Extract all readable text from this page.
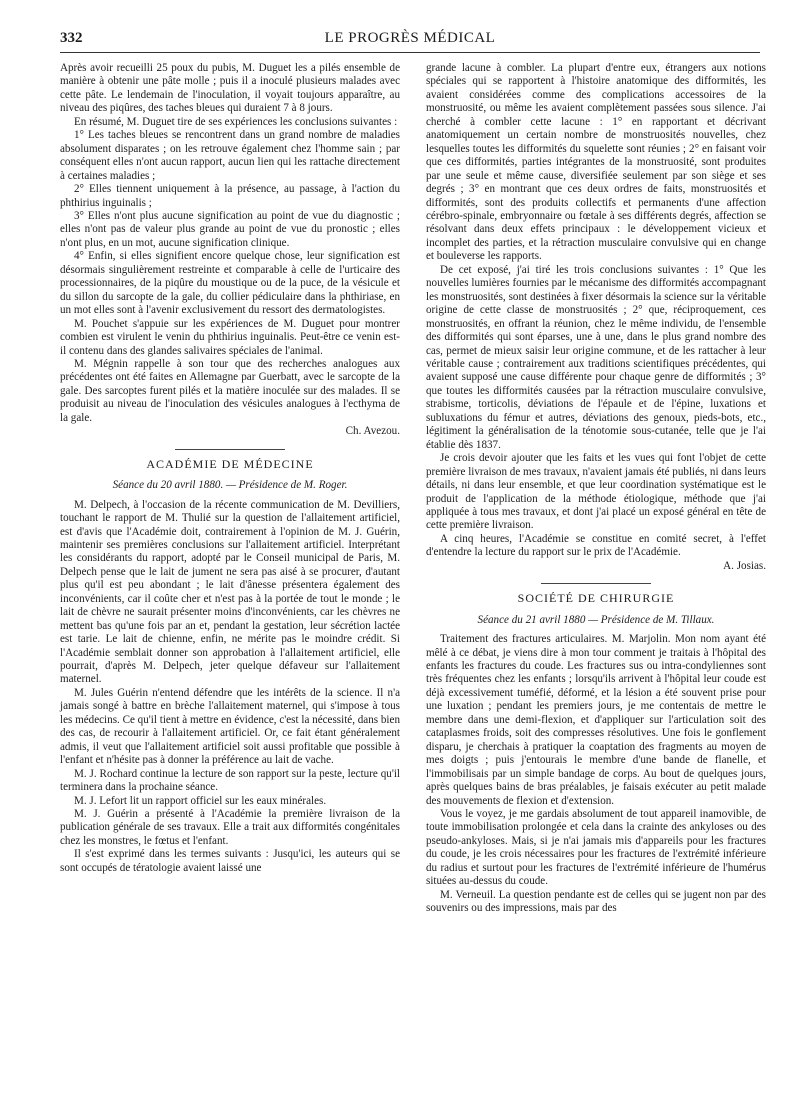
332	LE PROGRÈS MÉDICAL

Après avoir recueilli 25 poux du pubis, M. Duguet les a pilés ensemble de manière à obtenir une pâte molle ; puis il a inoculé plusieurs malades avec cette pâte. Le lendemain de l'inoculation, il voyait toujours apparaître, au niveau des piqûres, des taches bleues qui duraient 7 à 8 jours.

En résumé, M. Duguet tire de ses expériences les conclusions suivantes :

1° Les taches bleues se rencontrent dans un grand nombre de maladies absolument disparates ; on les retrouve également chez l'homme sain ; par conséquent elles n'ont aucun rapport, aucun lien qui les rattache directement à certaines maladies ;

2° Elles tiennent uniquement à la présence, au passage, à l'action du phthirius inguinalis ;

3° Elles n'ont plus aucune signification au point de vue du diagnostic ; elles n'ont pas de valeur plus grande au point de vue du pronostic ; elles n'ont plus, en un mot, aucune signification clinique.

4° Enfin, si elles signifient encore quelque chose, leur signification est désormais singulièrement restreinte et comparable à celle de l'urticaire des processionnaires, de la piqûre du moustique ou de la puce, de la vésicule et du sillon du sarcopte de la gale, du collier pédiculaire dans la phthiriase, en un mot elles sont à l'avenir exclusivement du ressort des dermatologistes.

M. Pouchet s'appuie sur les expériences de M. Duguet pour montrer combien est virulent le venin du phthirius inguinalis. Peut-être ce venin est-il contenu dans des glandes salivaires spéciales de l'animal.

M. Mégnin rappelle à son tour que des recherches analogues aux précédentes ont été faites en Allemagne par Guerbatt, avec le sarcopte de la gale. Des sarcoptes furent pilés et la matière inoculée sur des malades. Il se produisit au niveau de l'inoculation des vésicules analogues à l'ecthyma de la gale.

Ch. Avezou.

ACADÉMIE DE MÉDECINE
Séance du 20 avril 1880. — Présidence de M. Roger.

M. Delpech, à l'occasion de la récente communication de M. Devilliers, touchant le rapport de M. Thulié sur la question de l'allaitement artificiel, est d'avis que l'Académie doit, contrairement à l'opinion de M. J. Guérin, maintenir ses premières conclusions sur l'allaitement artificiel. Interprétant les considérants du rapport, adopté par le Conseil municipal de Paris, M. Delpech pense que le lait de jument ne sera pas aisé à se procurer, d'autant plus qu'il est peu abondant ; le lait d'ânesse présentera également des inconvénients, car il coûte cher et n'est pas à la portée de tout le monde ; le lait de chèvre ne saurait présenter moins d'inconvénients, car les chèvres ne mettent bas qu'une fois par an et, pendant la gestation, leur sécrétion lactée est tarie. Le lait de chienne, enfin, ne mérite pas le moindre crédit. Si l'Académie semblait donner son approbation à l'allaitement artificiel, elle pourrait, d'après M. Delpech, jeter quelque défaveur sur l'allaitement maternel.

M. Jules Guérin n'entend défendre que les intérêts de la science. Il n'a jamais songé à battre en brèche l'allaitement maternel, qui s'impose à tous les médecins. Ce qu'il tient à mettre en évidence, c'est la nécessité, dans bien des cas, de recourir à l'allaitement artificiel. Or, ce fait étant généralement admis, il veut que l'allaitement artificiel soit aussi profitable que possible à l'enfant et n'hésite pas à donner la préférence au lait de vache.

M. J. Rochard continue la lecture de son rapport sur la peste, lecture qu'il terminera dans la prochaine séance.

M. J. Lefort lit un rapport officiel sur les eaux minérales.

M. J. Guérin a présenté à l'Académie la première livraison de la publication générale de ses travaux. Elle a trait aux difformités congénitales chez les monstres, le fœtus et l'enfant.

Il s'est exprimé dans les termes suivants : Jusqu'ici, les auteurs qui se sont occupés de tératologie avaient laissé une

grande lacune à combler. La plupart d'entre eux, étrangers aux notions spéciales qui se rapportent à l'histoire anatomique des difformités, les avaient considérées comme des complications accessoires de la monstruosité, ou même les avaient complètement passées sous silence. J'ai cherché à combler cette lacune : 1° en rapportant et décrivant anatomiquement un certain nombre de monstruosités nouvelles, chez lesquelles toutes les difformités du squelette sont réunies ; 2° en faisant voir que ces difformités, parties intégrantes de la monstruosité, sont produites par une seule et même cause, diversifiée seulement par son siège et ses degrés ; 3° en montrant que ces deux ordres de faits, monstruosités et difformités, sont des produits collectifs et permanents d'une affection cérébro-spinale, embryonnaire ou fœtale à ses différents degrés, affection se résolvant dans deux effets principaux : le développement vicieux et incomplet des parties, et la rétraction musculaire convulsive qui en change et bouleverse les rapports.

De cet exposé, j'ai tiré les trois conclusions suivantes : 1° Que les nouvelles lumières fournies par le mécanisme des difformités accompagnant les monstruosités, sont destinées à fixer désormais la science sur la véritable origine de cette classe de monstruosités ; 2° que, réciproquement, ces monstruosités, en offrant la réunion, chez le même individu, de l'ensemble des difformités qui sont éparses, une à une, dans le plus grand nombre des cas, permet de mieux saisir leur origine commune, et de les rattacher à leur véritable cause ; contrairement aux traditions scientifiques précédentes, qui avaient supposé une cause différente pour chaque genre de difformités ; 3° que toutes les difformités causées par la rétraction musculaire convulsive, strabisme, torticolis, déviations de l'épaule et de l'épine, luxations et subluxations du fémur et autres, déviations des genoux, pieds-bots, etc., légitiment la généralisation de la ténotomie sous-cutanée, telle que je l'ai établie dès 1837.

Je crois devoir ajouter que les faits et les vues qui font l'objet de cette première livraison de mes travaux, n'avaient jamais été publiés, ni dans leurs détails, ni dans leur ensemble, et que leur coordination systématique est le produit de l'application de la méthode étiologique, méthode que j'ai appliquée à tous mes travaux, et dont j'ai placé un exposé général en tête de cette première livraison.

A cinq heures, l'Académie se constitue en comité secret, à l'effet d'entendre la lecture du rapport sur le prix de l'Académie.

A. Josias.

SOCIÉTÉ DE CHIRURGIE
Séance du 21 avril 1880 — Présidence de M. Tillaux.

Traitement des fractures articulaires. M. Marjolin. Mon nom ayant été mêlé à ce débat, je viens dire à mon tour comment je traitais à l'hôpital des enfants les fractures du coude. Les fractures sus ou intra-condyliennes sont très fréquentes chez les enfants ; lorsqu'ils arrivent à l'hôpital leur coude est déjà excessivement tuméfié, déformé, et la lésion a été souvent prise pour une luxation ; pendant les premiers jours, je me contentais de mettre le membre dans une demi-flexion, et d'appliquer sur l'articulation soit des cataplasmes froids, soit des compresses résolutives. Une fois le gonflement disparu, je cherchais à pratiquer la coaptation des fragments au moyen de mes doigts ; puis j'entourais le membre d'une bande de flanelle, et l'immobilisais par un simple bandage de corps. Au bout de quelques jours, après quelques bains de bras préalables, je faisais exécuter au petit malade des mouvements de flexion et d'extension.

Vous le voyez, je me gardais absolument de tout appareil inamovible, de toute immobilisation prolongée et cela dans la crainte des ankyloses ou des pseudo-ankyloses. Mais, si je n'ai jamais mis d'appareils pour les fractures du coude, je les crois nécessaires pour les fractures de l'extrémité inférieure du radius et surtout pour les fractures de l'extrémité inférieure de l'humérus situées au-dessus du coude.

M. Verneuil. La question pendante est de celles qui se jugent non par des souvenirs ou des impressions, mais par des
